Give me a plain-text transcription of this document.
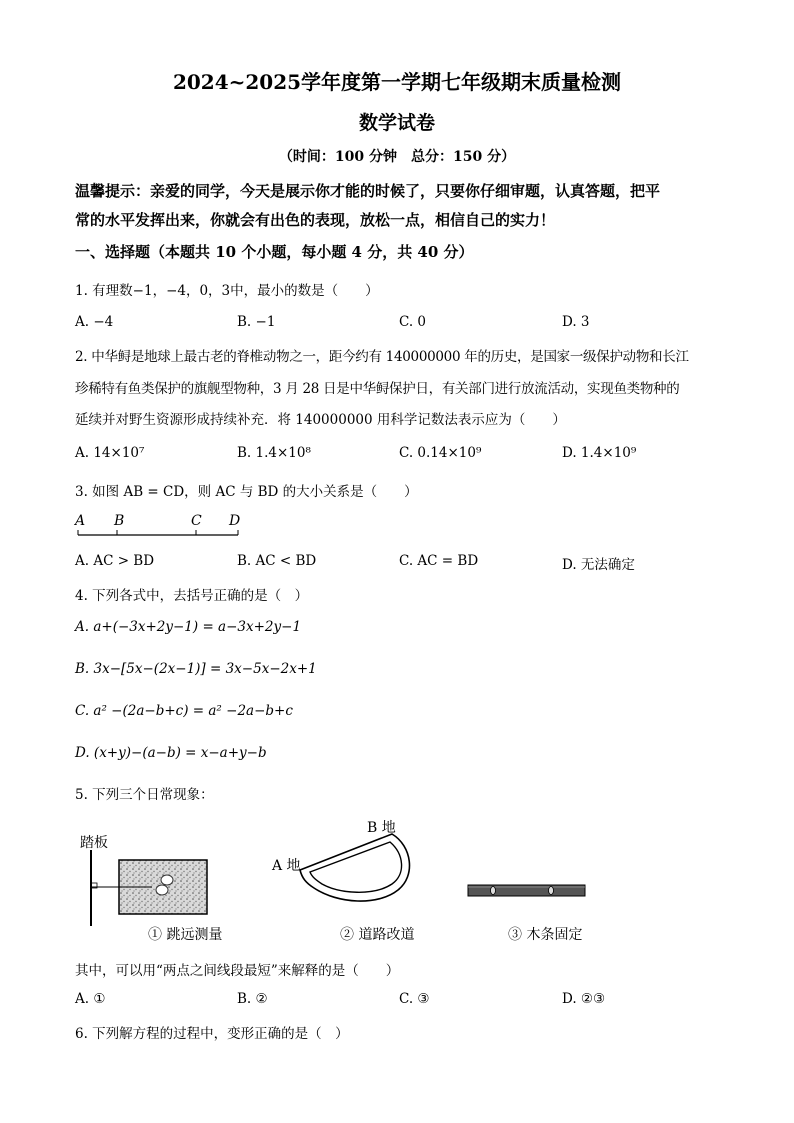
2024~2025学年度第一学期七年级期末质量检测
数学试卷
（时间：100 分钟　总分：150 分）
温馨提示：亲爱的同学，今天是展示你才能的时候了，只要你仔细审题，认真答题，把平
常的水平发挥出来，你就会有出色的表现，放松一点，相信自己的实力！
一、选择题（本题共 10 个小题，每小题 4 分，共 40 分）
1. 有理数−1，−4，0，3中，最小的数是（　　）
A. −4	B. −1	C. 0	D. 3
2. 中华鲟是地球上最古老的脊椎动物之一，距今约有 140000000 年的历史，是国家一级保护动物和长江
珍稀特有鱼类保护的旗舰型物种，3 月 28 日是中华鲟保护日，有关部门进行放流活动，实现鱼类物种的
延续并对野生资源形成持续补充．将 140000000 用科学记数法表示应为（　　）
A. 14×10⁷	B. 1.4×10⁸	C. 0.14×10⁹	D. 1.4×10⁹
3. 如图 AB = CD，则 AC 与 BD 的大小关系是（　　）
A B	C D
A. AC > BD	B. AC < BD	C. AC = BD	D. 无法确定
4. 下列各式中，去括号正确的是（　）
A. a+(−3x+2y−1) = a−3x+2y−1
B. 3x−[5x−(2x−1)] = 3x−5x−2x+1
C. a² −(2a−b+c) = a² −2a−b+c
D. (x+y)−(a−b) = x−a+y−b
5. 下列三个日常现象：
踏板
① 跳远测量
B 地
A 地
② 道路改道	③ 木条固定
其中，可以用“两点之间线段最短”来解释的是（　　）
A. ①	B. ②	C. ③	D. ②③
6. 下列解方程的过程中，变形正确的是（　）
